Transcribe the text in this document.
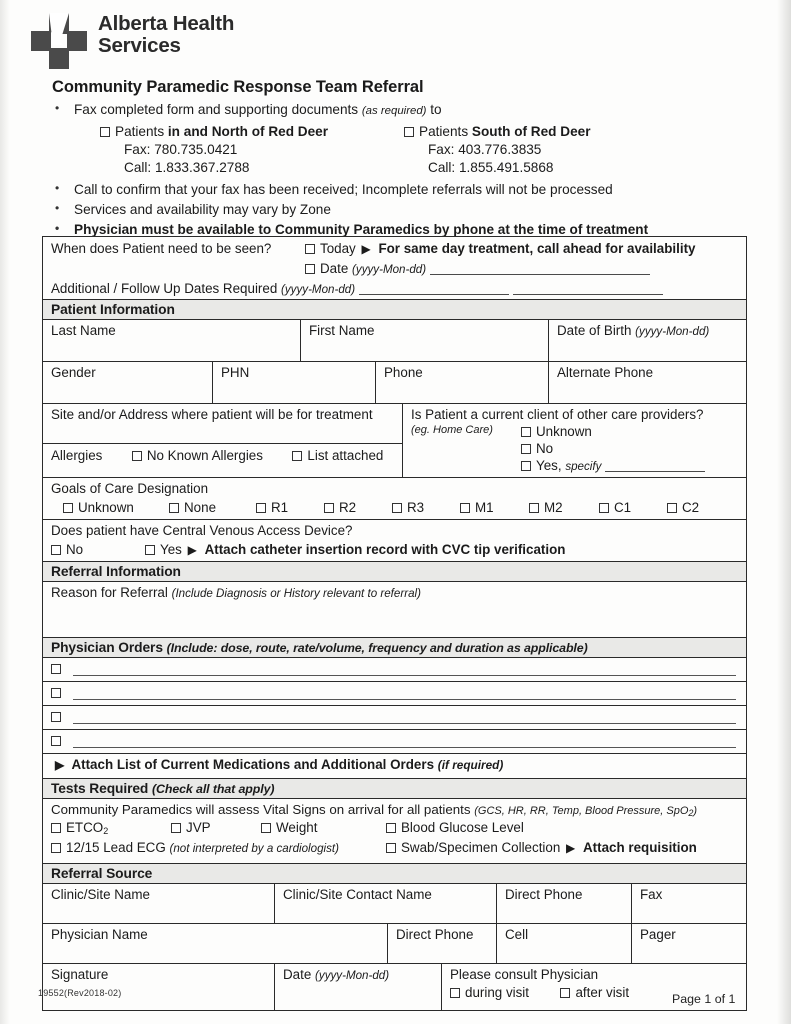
Alberta Health
Services
Community Paramedic Response Team Referral
• Fax completed form and supporting documents (as required) to
Patients in and North of Red Deer
Fax: 780.735.0421
Call: 1.833.367.2788
Patients South of Red Deer
Fax: 403.776.3835
Call: 1.855.491.5868
• Call to confirm that your fax has been received; Incomplete referrals will not be processed
• Services and availability may vary by Zone
• Physician must be available to Community Paramedics by phone at the time of treatment
When does Patient need to be seen?	Today ▶ For same day treatment, call ahead for availability
Date (yyyy-Mon-dd)
Additional / Follow Up Dates Required (yyyy-Mon-dd)
Patient Information
Last Name	First Name	Date of Birth (yyyy-Mon-dd)
Gender	PHN	Phone	Alternate Phone
Site and/or Address where patient will be for treatment
Allergies	No Known Allergies	List attached
Is Patient a current client of other care providers?
(eg. Home Care)	Unknown
No
Yes, specify
Goals of Care Designation
Unknown	None	R1	R2	R3	M1	M2	C1	C2
Does patient have Central Venous Access Device?
No	Yes ▶ Attach catheter insertion record with CVC tip verification
Referral Information
Reason for Referral (Include Diagnosis or History relevant to referral)
Physician Orders (Include: dose, route, rate/volume, frequency and duration as applicable)
▶ Attach List of Current Medications and Additional Orders (if required)
Tests Required (Check all that apply)
Community Paramedics will assess Vital Signs on arrival for all patients (GCS, HR, RR, Temp, Blood Pressure, SpO$_2$)
$ETCO_2$	JVP	Weight	Blood Glucose Level
12/15 Lead ECG (not interpreted by a cardiologist)	Swab/Specimen Collection ▶ Attach requisition
Referral Source
Clinic/Site Name	Clinic/Site Contact Name	Direct Phone	Fax
Physician Name	Direct Phone	Cell	Pager
Signature	Date (yyyy-Mon-dd)	Please consult Physician
during visit	after visit
19552(Rev2018-02)	Page 1 of 1
